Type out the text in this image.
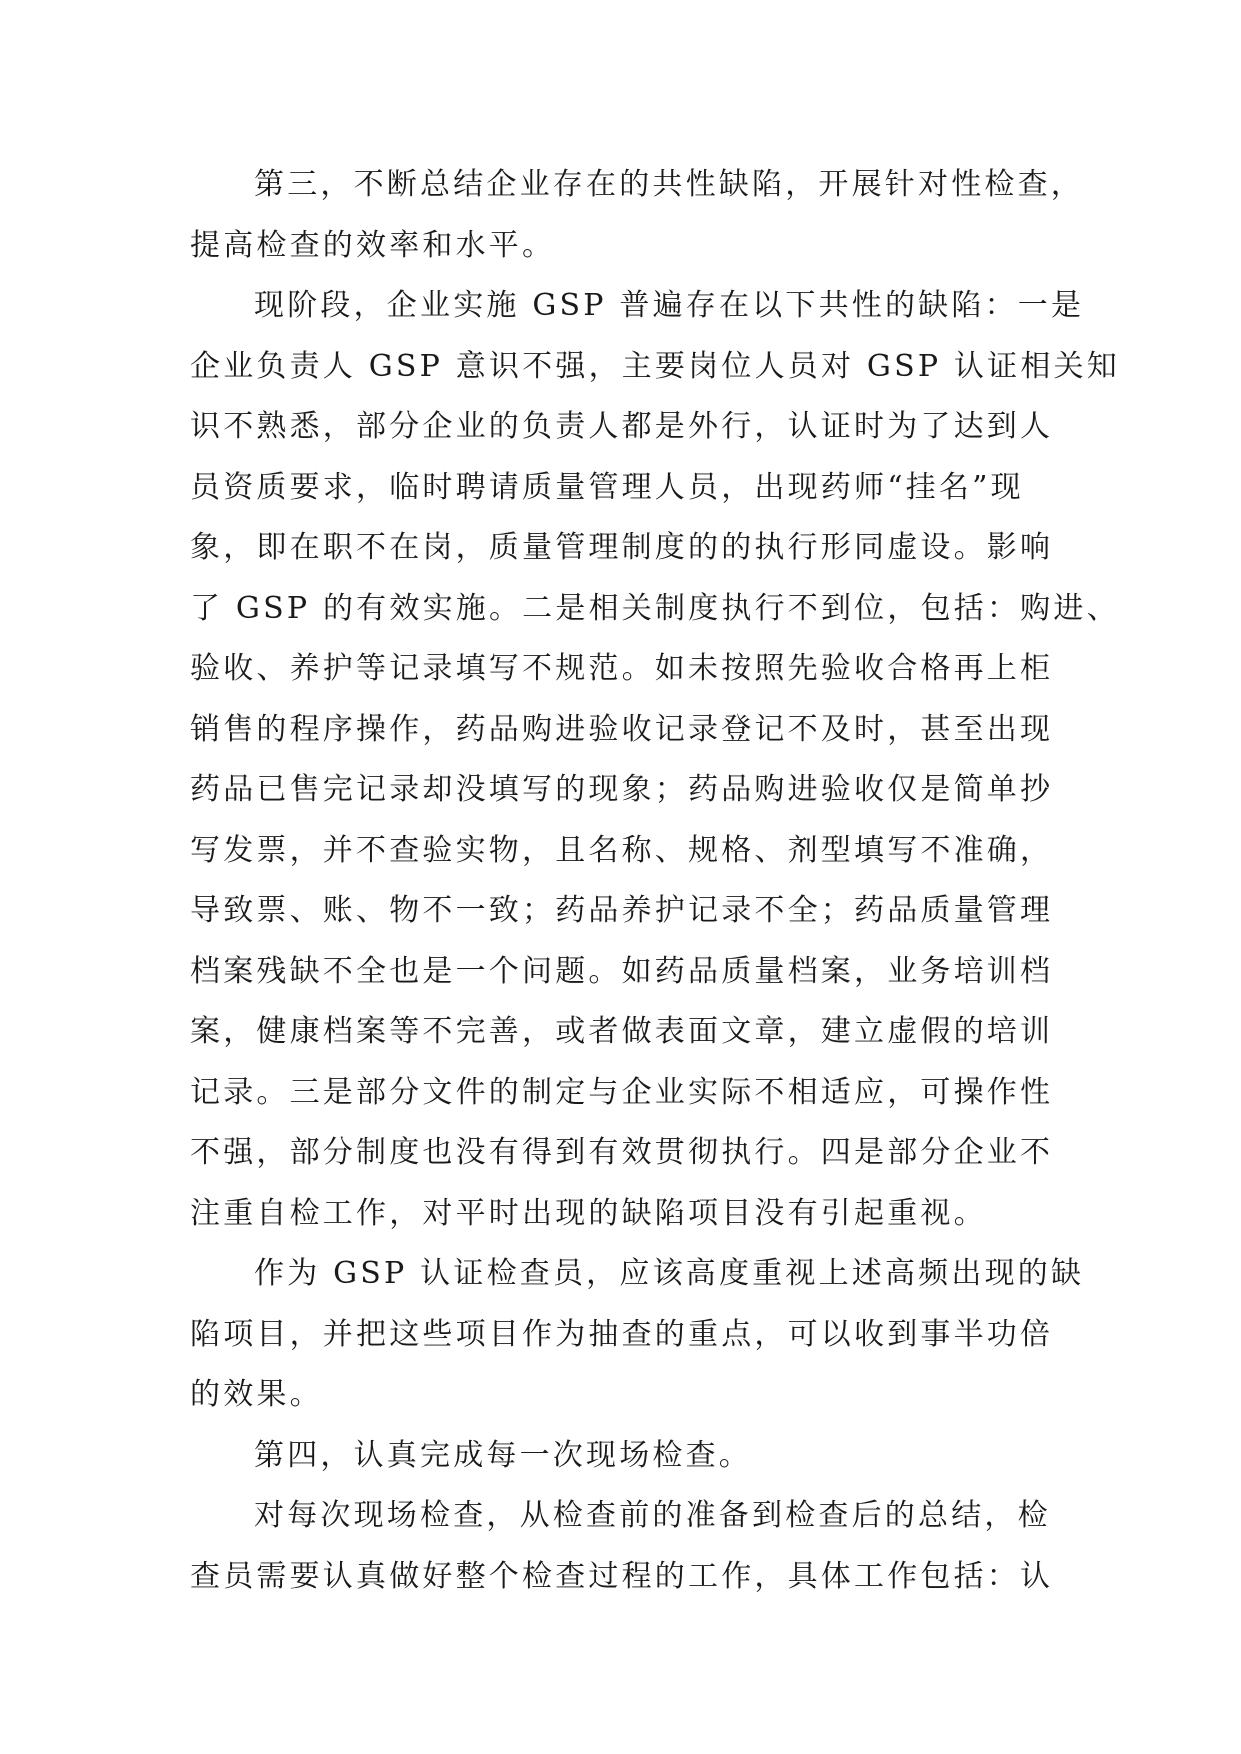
第三，不断总结企业存在的共性缺陷，开展针对性检查，
提高检查的效率和水平。
现阶段，企业实施 GSP 普遍存在以下共性的缺陷：一是
企业负责人 GSP 意识不强，主要岗位人员对 GSP 认证相关知
识不熟悉，部分企业的负责人都是外行，认证时为了达到人
员资质要求，临时聘请质量管理人员，出现药师“挂名”现
象，即在职不在岗，质量管理制度的的执行形同虚设。影响
了 GSP 的有效实施。二是相关制度执行不到位，包括：购进、
验收、养护等记录填写不规范。如未按照先验收合格再上柜
销售的程序操作，药品购进验收记录登记不及时，甚至出现
药品已售完记录却没填写的现象；药品购进验收仅是简单抄
写发票，并不查验实物，且名称、规格、剂型填写不准确，
导致票、账、物不一致；药品养护记录不全；药品质量管理
档案残缺不全也是一个问题。如药品质量档案，业务培训档
案，健康档案等不完善，或者做表面文章，建立虚假的培训
记录。三是部分文件的制定与企业实际不相适应，可操作性
不强，部分制度也没有得到有效贯彻执行。四是部分企业不
注重自检工作，对平时出现的缺陷项目没有引起重视。
作为 GSP 认证检查员，应该高度重视上述高频出现的缺
陷项目，并把这些项目作为抽查的重点，可以收到事半功倍
的效果。
第四，认真完成每一次现场检查。
对每次现场检查，从检查前的准备到检查后的总结，检
查员需要认真做好整个检查过程的工作，具体工作包括：认
